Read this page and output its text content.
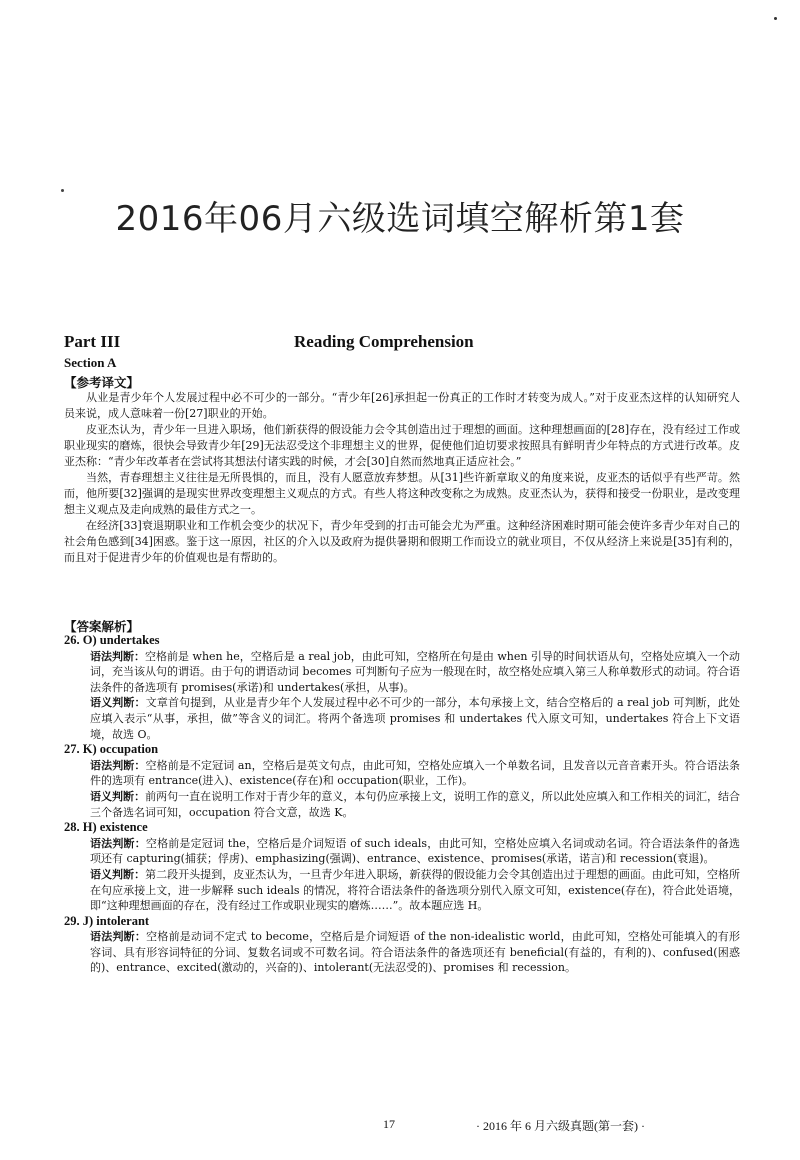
2016年06月六级选词填空解析第1套
Part III	Reading Comprehension
Section A
【参考译文】

从业是青少年个人发展过程中必不可少的一部分。“青少年[26]承担起一份真正的工作时才转变为成人。”对于皮亚杰这样的认知研究人员来说，成人意味着一份[27]职业的开始。

皮亚杰认为，青少年一旦进入职场，他们新获得的假设能力会令其创造出过于理想的画面。这种理想画面的[28]存在，没有经过工作或职业现实的磨炼，很快会导致青少年[29]无法忍受这个非理想主义的世界，促使他们迫切要求按照具有鲜明青少年特点的方式进行改革。皮亚杰称：“青少年改革者在尝试将其想法付诸实践的时候，才会[30]自然而然地真正适应社会。”

当然，青春理想主义往往是无所畏惧的，而且，没有人愿意放弃梦想。从[31]些许新章取义的角度来说，皮亚杰的话似乎有些严苛。然而，他所要[32]强调的是现实世界改变理想主义观点的方式。有些人将这种改变称之为成熟。皮亚杰认为，获得和接受一份职业，是改变理想主义观点及走向成熟的最佳方式之一。

在经济[33]衰退期职业和工作机会变少的状况下，青少年受到的打击可能会尤为严重。这种经济困难时期可能会使许多青少年对自己的社会角色感到[34]困惑。鉴于这一原因，社区的介入以及政府为提供暑期和假期工作而设立的就业项目，不仅从经济上来说是[35]有利的，而且对于促进青少年的价值观也是有帮助的。

【答案解析】

26. O) undertakes

语法判断：空格前是 when he，空格后是 a real job，由此可知，空格所在句是由 when 引导的时间状语从句，空格处应填入一个动词，充当该从句的谓语。由于句的谓语动词 becomes 可判断句子应为一般现在时，故空格处应填入第三人称单数形式的动词。符合语法条件的备选项有 promises(承诺)和 undertakes(承担，从事)。

语义判断：文章首句提到，从业是青少年个人发展过程中必不可少的一部分，本句承接上文，结合空格后的 a real job 可判断，此处应填入表示“从事，承担，做”等含义的词汇。将两个备选项 promises 和 undertakes 代入原文可知，undertakes 符合上下文语境，故选 O。

27. K) occupation

语法判断：空格前是不定冠词 an，空格后是英文句点，由此可知，空格处应填入一个单数名词，且发音以元音音素开头。符合语法条件的选项有 entrance(进入)、existence(存在)和 occupation(职业，工作)。

语义判断：前两句一直在说明工作对于青少年的意义，本句仍应承接上文，说明工作的意义，所以此处应填入和工作相关的词汇，结合三个备选名词可知，occupation 符合文意，故选 K。

28. H) existence

语法判断：空格前是定冠词 the，空格后是介词短语 of such ideals，由此可知，空格处应填入名词或动名词。符合语法条件的备选项还有 capturing(捕获；俘虏)、emphasizing(强调)、entrance、existence、promises(承诺，诺言)和 recession(衰退)。

语义判断：第二段开头提到，皮亚杰认为，一旦青少年进入职场，新获得的假设能力会令其创造出过于理想的画面。由此可知，空格所在句应承接上文，进一步解释 such ideals 的情况，将符合语法条件的备选项分别代入原文可知，existence(存在)，符合此处语境，即“这种理想画面的存在，没有经过工作或职业现实的磨炼……”。故本题应选 H。

29. J) intolerant

语法判断：空格前是动词不定式 to become，空格后是介词短语 of the non-idealistic world，由此可知，空格处可能填入的有形容词、具有形容词特征的分词、复数名词或不可数名词。符合语法条件的备选项还有 beneficial(有益的，有利的)、confused(困惑的)、entrance、excited(激动的，兴奋的)、intolerant(无法忍受的)、promises 和 recession。

17	· 2016 年 6 月六级真题(第一套) ·
